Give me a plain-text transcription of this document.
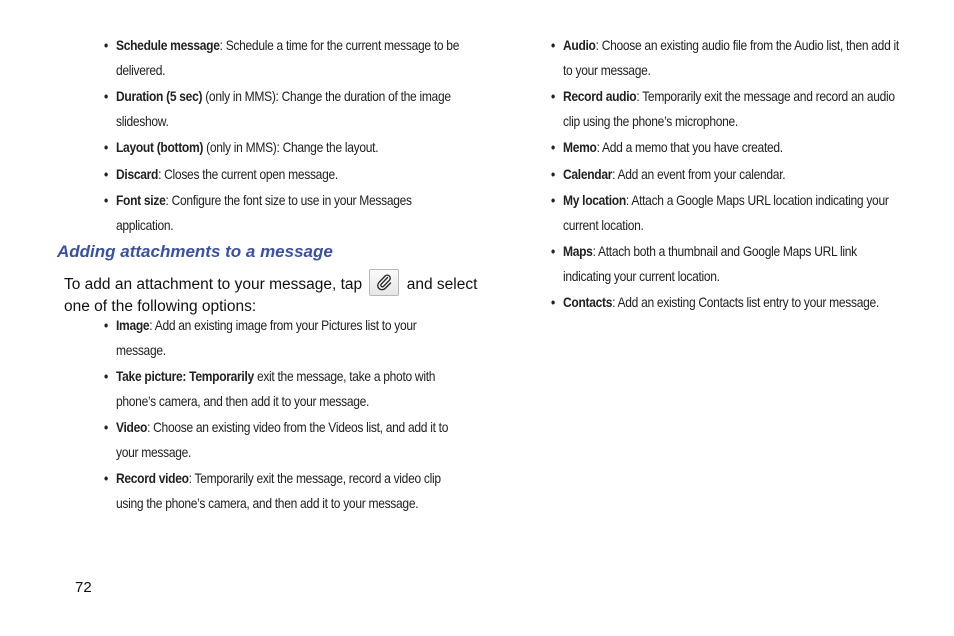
• Schedule message: Schedule a time for the current message to be delivered.
• Duration (5 sec) (only in MMS): Change the duration of the image slideshow.
• Layout (bottom) (only in MMS): Change the layout.
• Discard: Closes the current open message.
• Font size: Configure the font size to use in your Messages application.
Adding attachments to a message
To add an attachment to your message, tap	and select one of the following options:
• Image: Add an existing image from your Pictures list to your message.
• Take picture: Temporarily exit the message, take a photo with phone’s camera, and then add it to your message.
• Video: Choose an existing video from the Videos list, and add it to your message.
• Record video: Temporarily exit the message, record a video clip using the phone’s camera, and then add it to your message.
72
• Audio: Choose an existing audio file from the Audio list, then add it to your message.
• Record audio: Temporarily exit the message and record an audio clip using the phone’s microphone.
• Memo: Add a memo that you have created.
• Calendar: Add an event from your calendar.
• My location: Attach a Google Maps URL location indicating your current location.
• Maps: Attach both a thumbnail and Google Maps URL link indicating your current location.
• Contacts: Add an existing Contacts list entry to your message.
